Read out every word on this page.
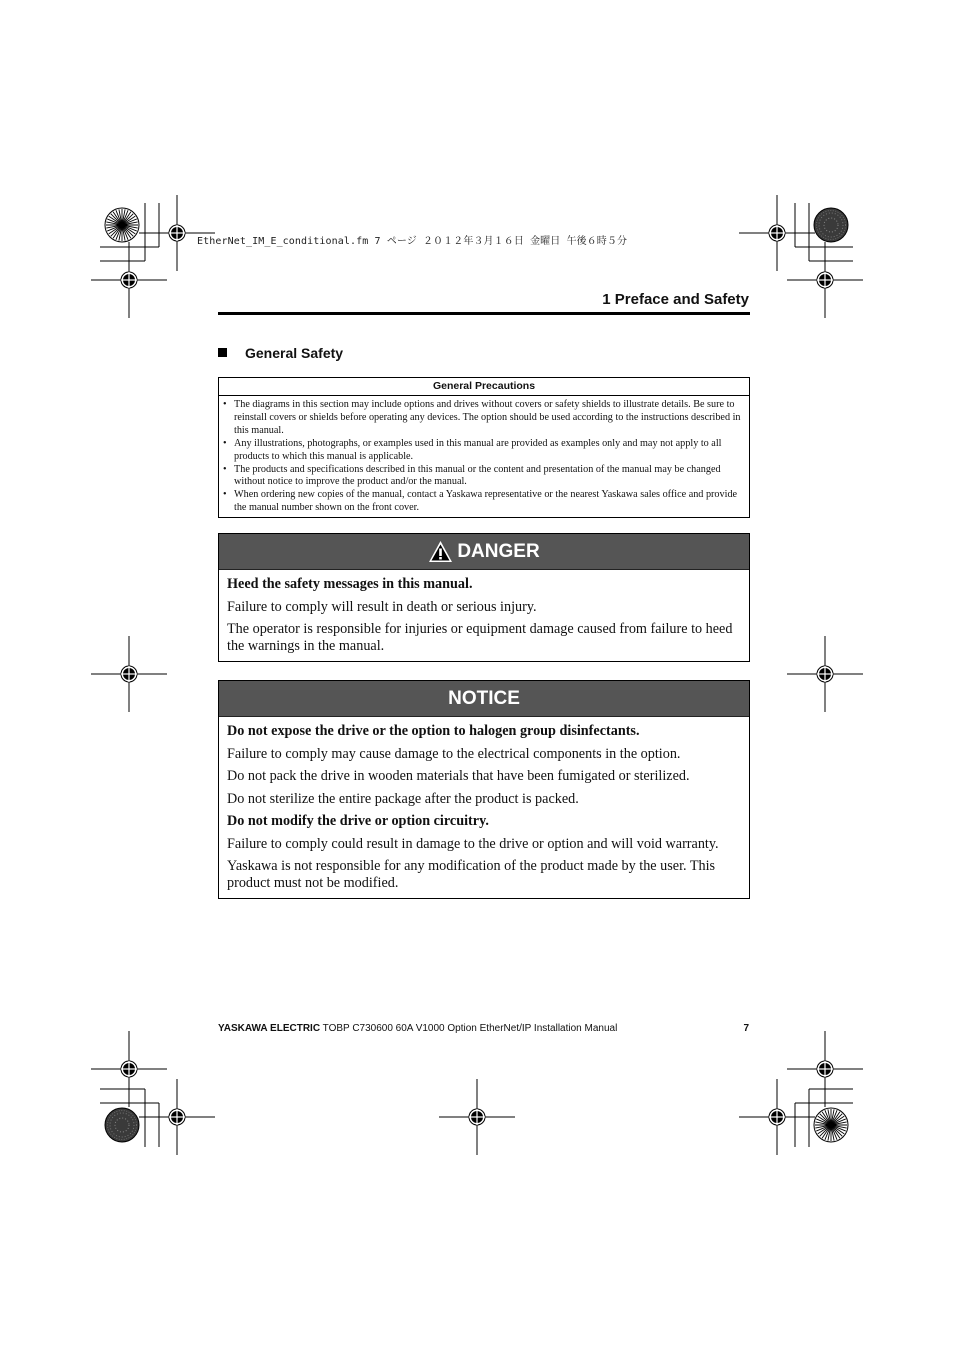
EtherNet_IM_E_conditional.fm 7 ページ ２０１２年３月１６日 金曜日 午後６時５分
1 Preface and Safety
General Safety
General Precautions
• The diagrams in this section may include options and drives without covers or safety shields to illustrate details. Be sure to reinstall covers or shields before operating any devices. The option should be used according to the instructions described in this manual.
• Any illustrations, photographs, or examples used in this manual are provided as examples only and may not apply to all products to which this manual is applicable.
• The products and specifications described in this manual or the content and presentation of the manual may be changed without notice to improve the product and/or the manual.
• When ordering new copies of the manual, contact a Yaskawa representative or the nearest Yaskawa sales office and provide the manual number shown on the front cover.
DANGER

Heed the safety messages in this manual.

Failure to comply will result in death or serious injury.

The operator is responsible for injuries or equipment damage caused from failure to heed the warnings in the manual.

NOTICE

Do not expose the drive or the option to halogen group disinfectants.

Failure to comply may cause damage to the electrical components in the option.

Do not pack the drive in wooden materials that have been fumigated or sterilized.

Do not sterilize the entire package after the product is packed.

Do not modify the drive or option circuitry.

Failure to comply could result in damage to the drive or option and will void warranty.

Yaskawa is not responsible for any modification of the product made by the user. This product must not be modified.

YASKAWA ELECTRIC TOBP C730600 60A V1000 Option EtherNet/IP Installation Manual	7
